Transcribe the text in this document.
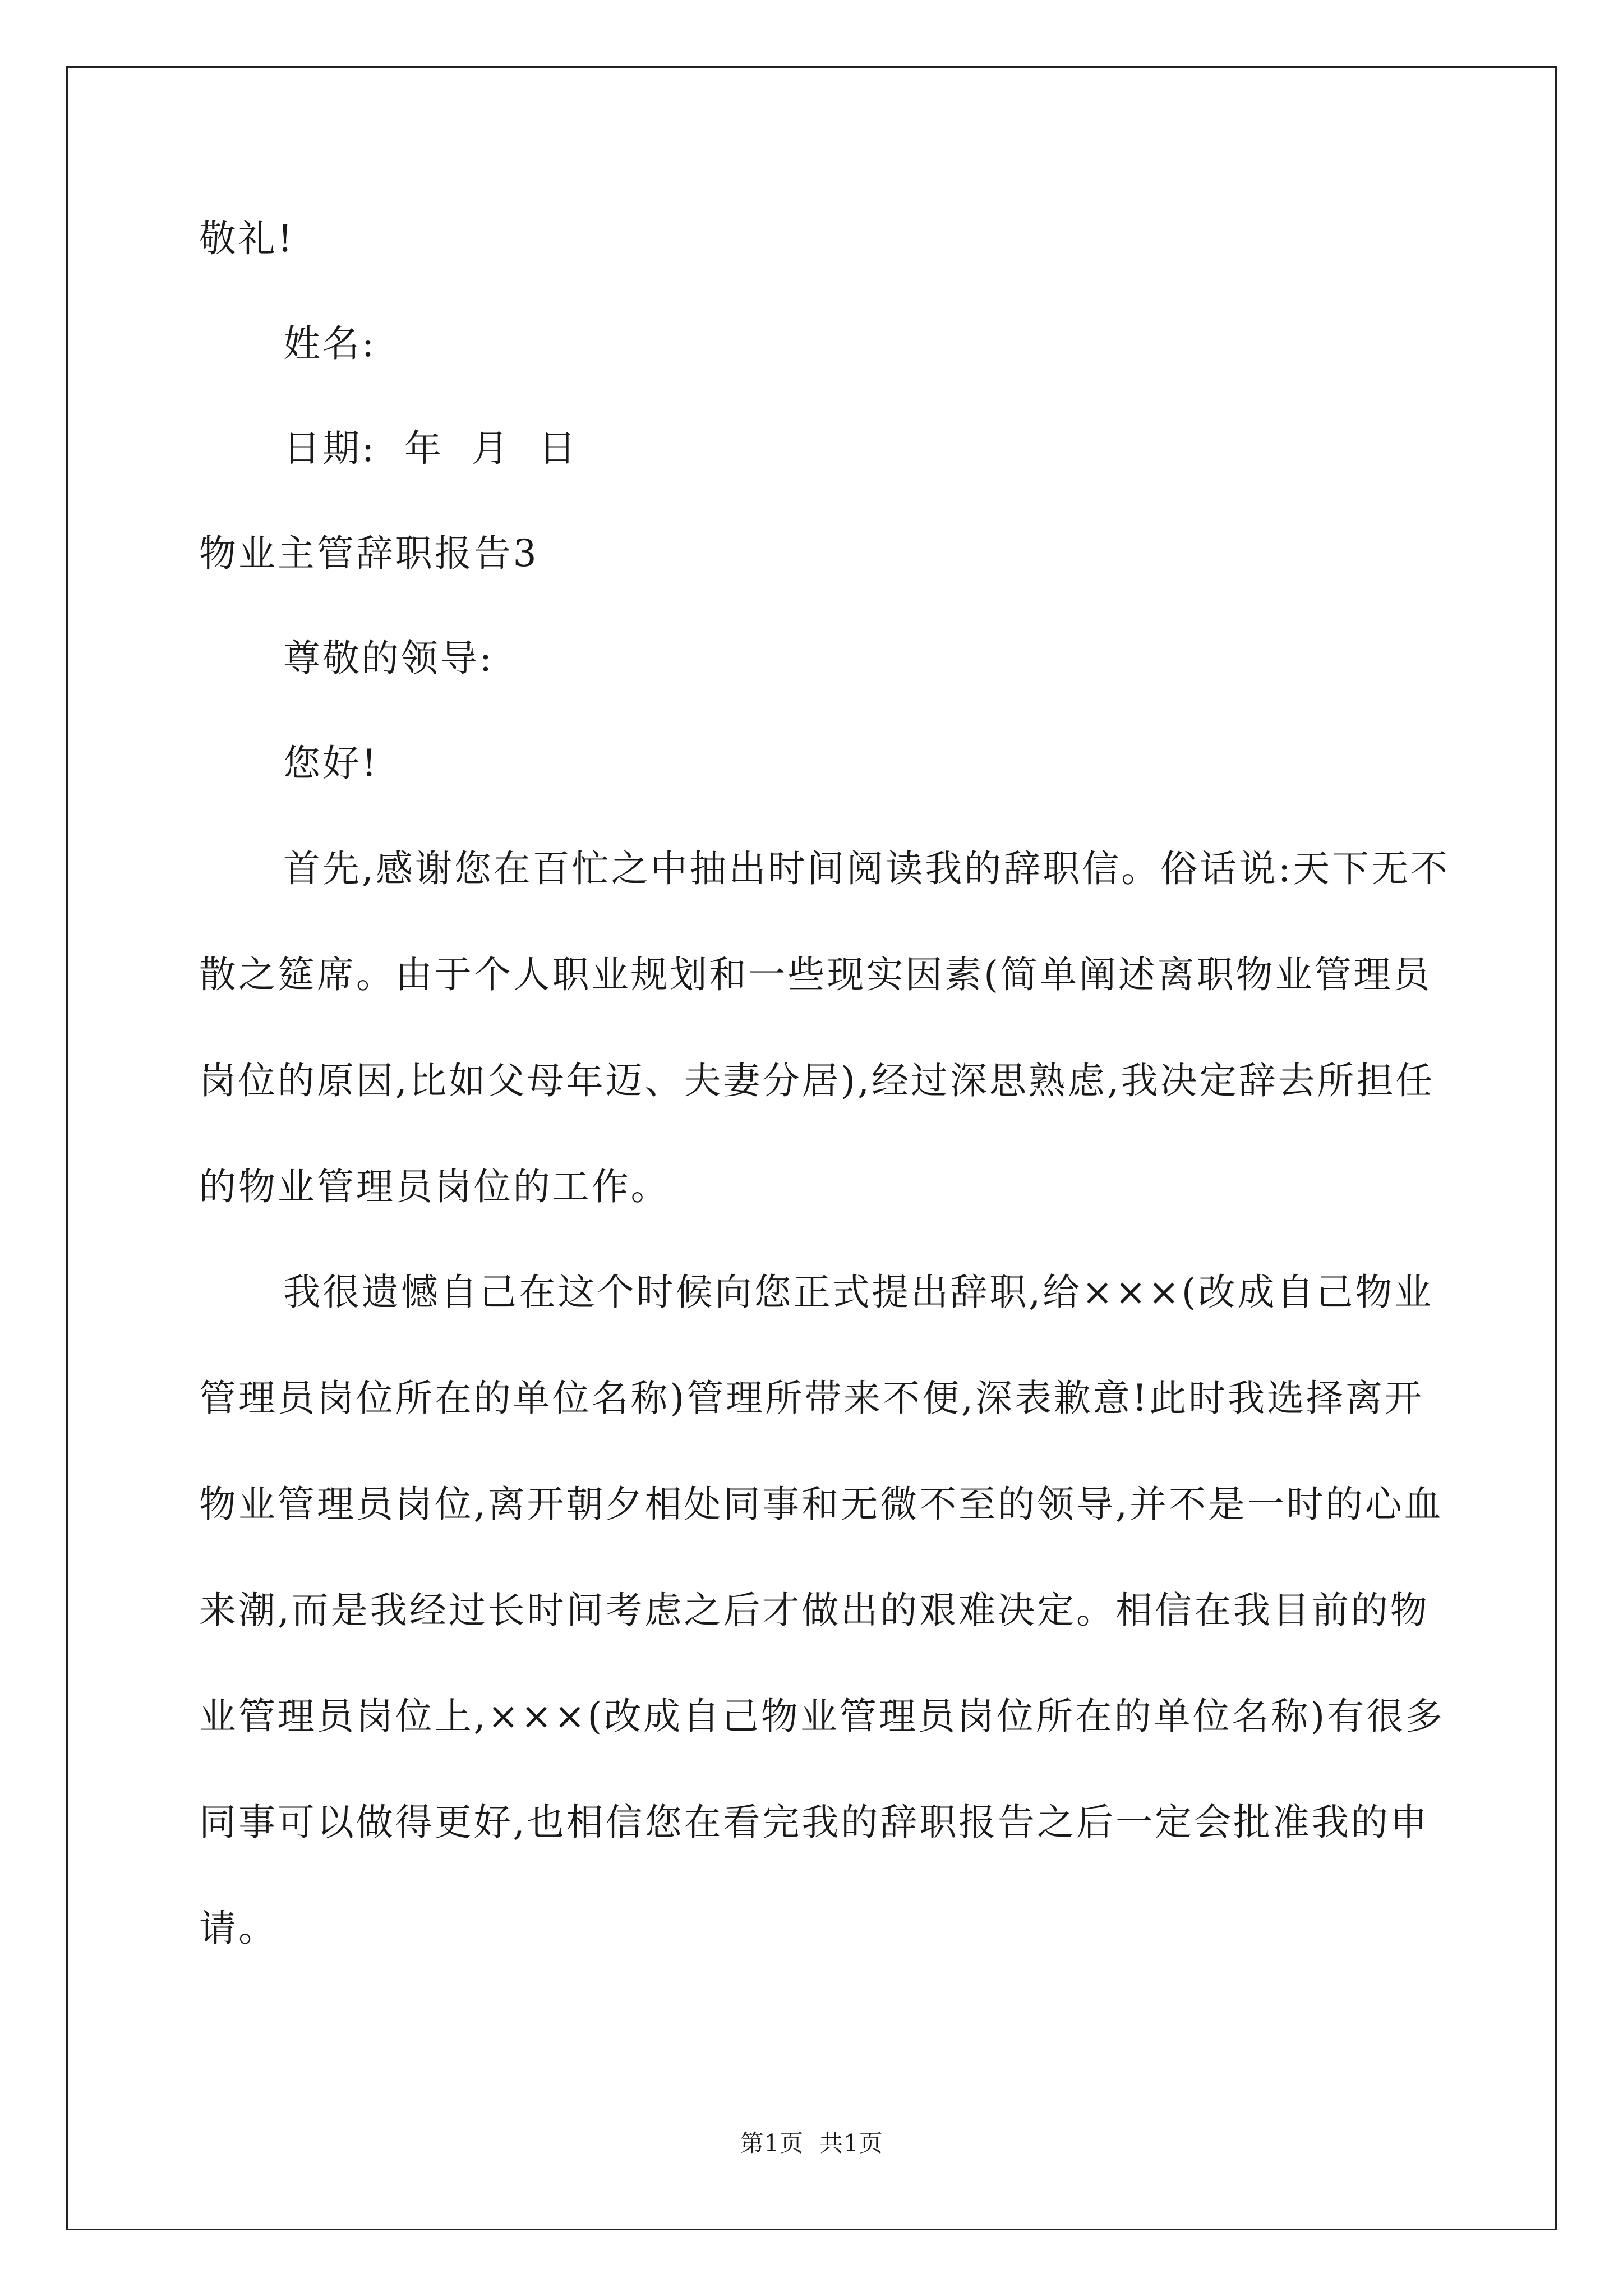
敬礼!
姓名:
日期:  年  月  日
物业主管辞职报告3
尊敬的领导:
您好!

首先,感谢您在百忙之中抽出时间阅读我的辞职信。俗话说:天下无不散之筵席。由于个人职业规划和一些现实因素(简单阐述离职物业管理员岗位的原因,比如父母年迈、夫妻分居),经过深思熟虑,我决定辞去所担任的物业管理员岗位的工作。

我很遗憾自己在这个时候向您正式提出辞职,给×××(改成自己物业管理员岗位所在的单位名称)管理所带来不便,深表歉意!此时我选择离开物业管理员岗位,离开朝夕相处同事和无微不至的领导,并不是一时的心血来潮,而是我经过长时间考虑之后才做出的艰难决定。相信在我目前的物业管理员岗位上,×××(改成自己物业管理员岗位所在的单位名称)有很多同事可以做得更好,也相信您在看完我的辞职报告之后一定会批准我的申请。

第1页  共1页
